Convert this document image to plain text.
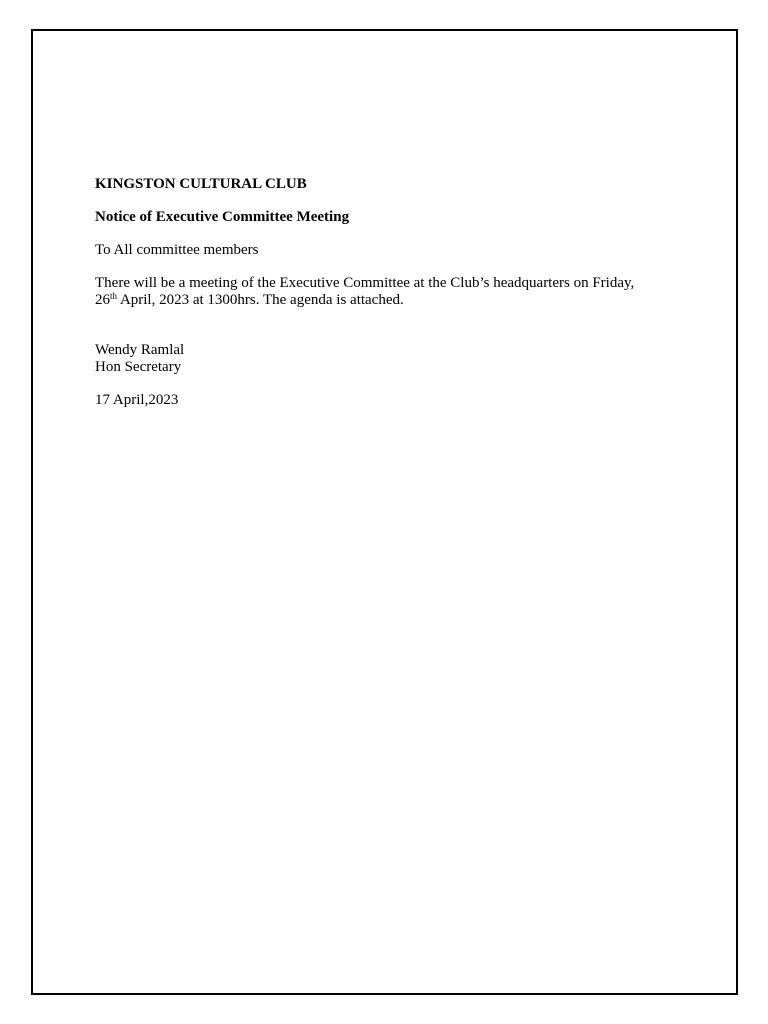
KINGSTON CULTURAL CLUB

Notice of Executive Committee Meeting

To All committee members

There will be a meeting of the Executive Committee at the Club’s headquarters on Friday,

26th April, 2023 at 1300hrs. The agenda is attached.

Wendy Ramlal

Hon Secretary

17 April,2023
